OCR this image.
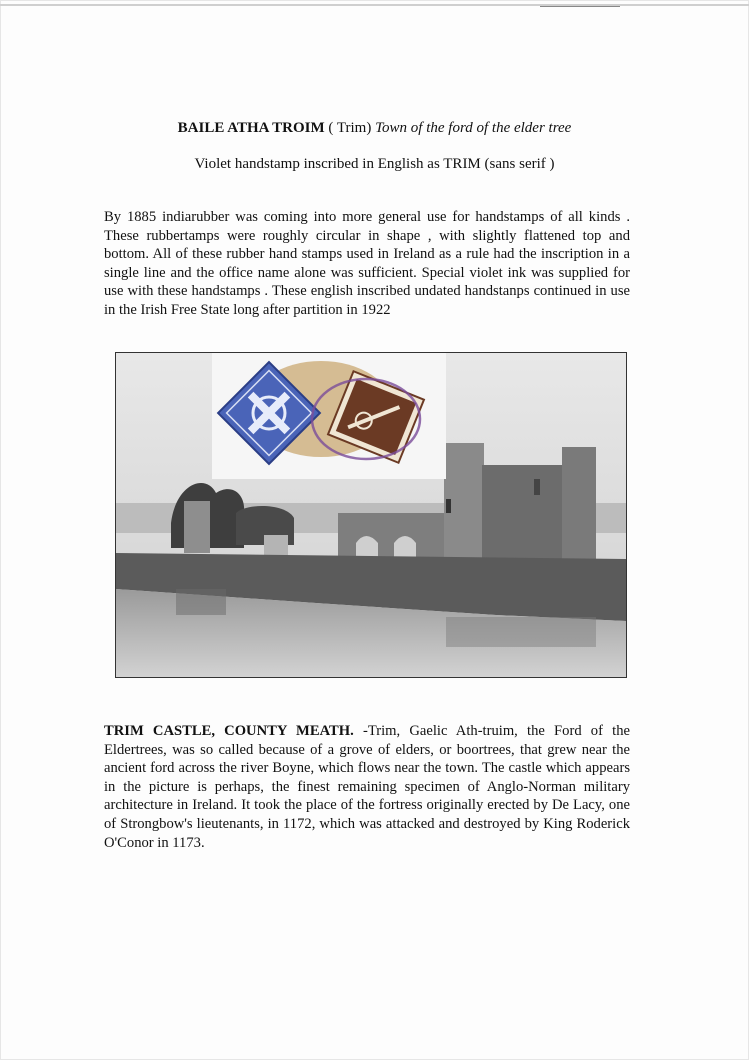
BAILE ATHA TROIM ( Trim) Town of the ford of the elder tree
Violet handstamp inscribed in English as TRIM (sans serif )
By 1885 indiarubber was coming into more general use for handstamps of all kinds . These rubbertamps were roughly circular in shape , with slightly flattened top and bottom. All of these rubber hand stamps used in Ireland as a rule had the inscription in a single line and the office name alone was sufficient. Special violet ink was supplied for use with these handstamps . These english inscribed undated handstanps continued in use in the Irish Free State long after partition in 1922
TRIM CASTLE, COUNTY MEATH. -Trim, Gaelic Ath-truim, the Ford of the Eldertrees, was so called because of a grove of elders, or boortrees, that grew near the ancient ford across the river Boyne, which flows near the town. The castle which appears in the picture is perhaps, the finest remaining specimen of Anglo-Norman military architecture in Ireland. It took the place of the fortress originally erected by De Lacy, one of Strongbow's lieutenants, in 1172, which was attacked and destroyed by King Roderick O'Conor in 1173.
